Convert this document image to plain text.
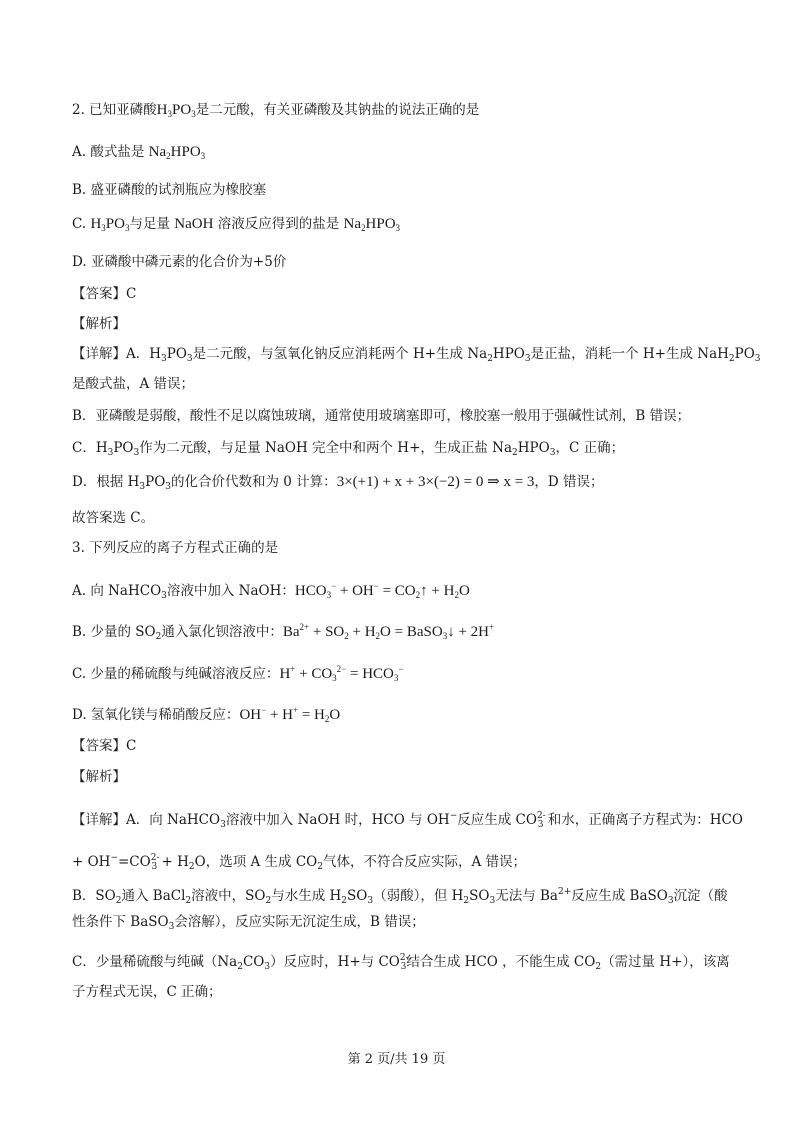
2. 已知亚磷酸$H_3PO_3$是二元酸，有关亚磷酸及其钠盐的说法正确的是
A. 酸式盐是 $Na_2HPO_3$
B. 盛亚磷酸的试剂瓶应为橡胶塞
C. $H_3PO_3$与足量 NaOH 溶液反应得到的盐是 $Na_2HPO_3$
D. 亚磷酸中磷元素的化合价为+5价
【答案】C
【解析】
【详解】A．$H_3PO_3$是二元酸，与氢氧化钠反应消耗两个 H+生成 $Na_2HPO_3$是正盐，消耗一个 H+生成 $NaH_2PO_3$
是酸式盐，A 错误；
B．亚磷酸是弱酸，酸性不足以腐蚀玻璃，通常使用玻璃塞即可，橡胶塞一般用于强碱性试剂，B 错误；
C．$H_3PO_3$作为二元酸，与足量 NaOH 完全中和两个 H+，生成正盐 $Na_2HPO_3$，C 正确；
D．根据 $H_3PO_3$的化合价代数和为 0 计算：3×(+1) + x + 3×(−2) = 0 ⇒ x = 3，D 错误；
故答案选 C。
3. 下列反应的离子方程式正确的是
A. 向 NaHCO$_3$溶液中加入 NaOH：$HCO_3^- + OH^-$ = $CO_2↑ + H_2O$
B. 少量的 $SO_2$通入氯化钡溶液中：$Ba^{2+} + SO_2 + H_2O$ = BaSO$_3$↓ + 2H+
C. 少量的稀硫酸与纯碱溶液反应：$H^+ + CO_3^{2-} = HCO_3^-$
D. 氢氧化镁与稀硝酸反应：$OH^- + H^+ = H_2O$
【答案】C
【解析】
【详解】A．向 NaHCO$_3$溶液中加入 NaOH 时，HCO 与 OH−反应生成 $CO^{2-}_3$ 和水，正确离子方程式为：HCO
+ $OH^-=CO^{2-}_3 + H_2O$，选项 A 生成 $CO_2$气体，不符合反应实际，A 错误；
B．$SO_2$通入 BaCl$_2$溶液中，$SO_2$与水生成 $H_2SO_3$（弱酸），但 $H_2SO_3$无法与 $Ba^{2+}$反应生成 BaSO$_3$沉淀（酸
性条件下 BaSO$_3$会溶解），反应实际无沉淀生成，B 错误；
C．少量稀硫酸与纯碱$(Na_2CO_3)$反应时，H+与 $CO^{2-}_3$结合生成 HCO ，不能生成 $CO_2$（需过量 H+），该离
子方程式无误，C 正确；
第 2 页/共 19 页
